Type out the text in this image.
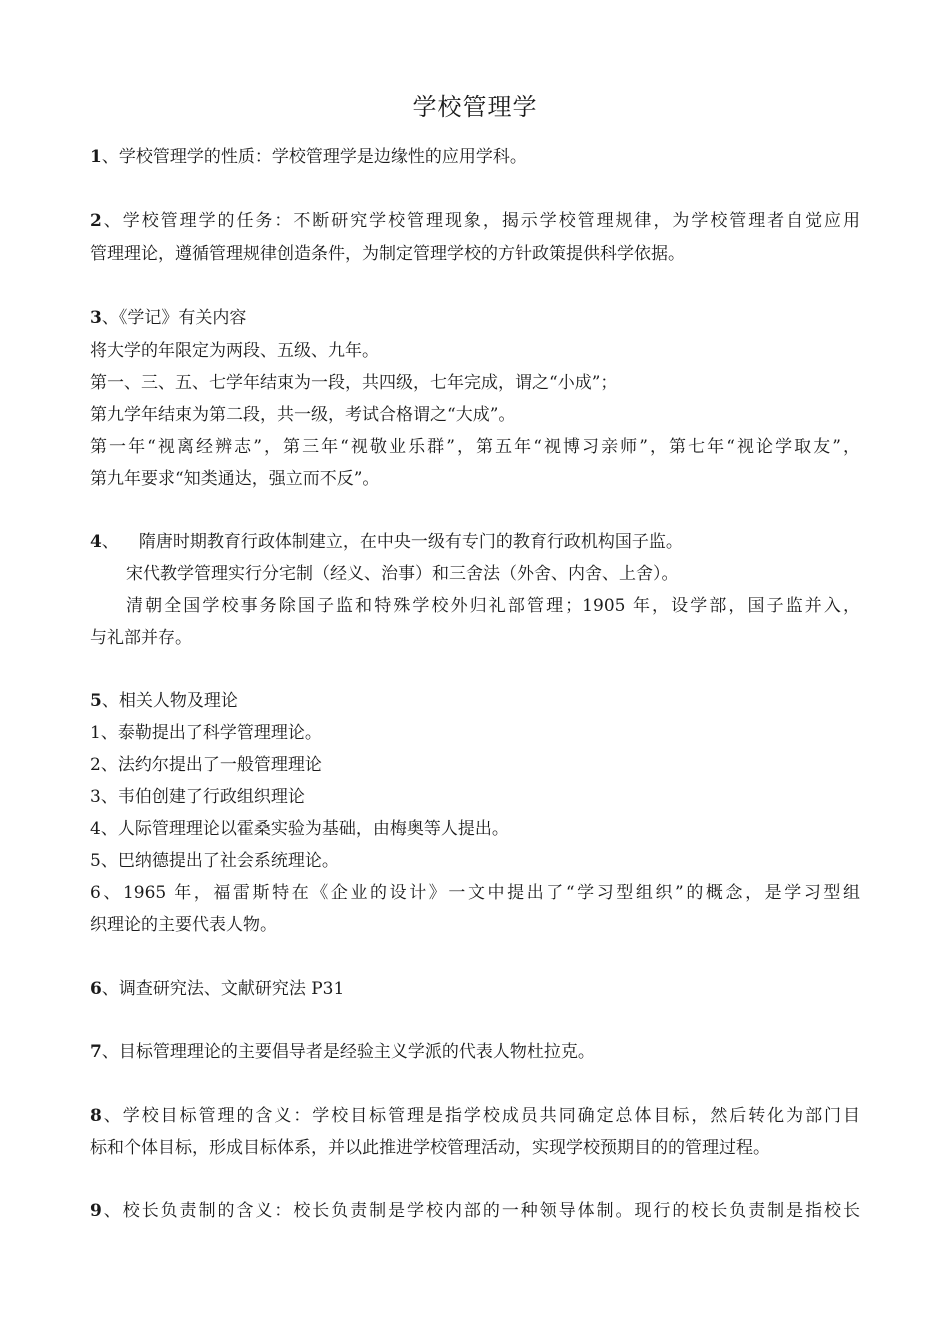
学校管理学
1、学校管理学的性质：学校管理学是边缘性的应用学科。
2、学校管理学的任务：不断研究学校管理现象，揭示学校管理规律，为学校管理者自觉应用
管理理论，遵循管理规律创造条件，为制定管理学校的方针政策提供科学依据。
3、《学记》有关内容
将大学的年限定为两段、五级、九年。
第一、三、五、七学年结束为一段，共四级，七年完成，谓之“小成”；
第九学年结束为第二段，共一级，考试合格谓之“大成”。
第一年“视离经辨志”，第三年“视敬业乐群”，第五年“视博习亲师”，第七年“视论学取友”，
第九年要求“知类通达，强立而不反”。
4、 隋唐时期教育行政体制建立，在中央一级有专门的教育行政机构国子监。
宋代教学管理实行分宅制（经义、治事）和三舍法（外舍、内舍、上舍）。
清朝全国学校事务除国子监和特殊学校外归礼部管理；1905 年，设学部，国子监并入，
与礼部并存。
5、相关人物及理论
1、泰勒提出了科学管理理论。
2、法约尔提出了一般管理理论
3、韦伯创建了行政组织理论
4、人际管理理论以霍桑实验为基础，由梅奥等人提出。
5、巴纳德提出了社会系统理论。
6、1965 年，福雷斯特在《企业的设计》一文中提出了“学习型组织”的概念，是学习型组
织理论的主要代表人物。
6、调查研究法、文献研究法 P31
7、目标管理理论的主要倡导者是经验主义学派的代表人物杜拉克。
8、学校目标管理的含义：学校目标管理是指学校成员共同确定总体目标，然后转化为部门目
标和个体目标，形成目标体系，并以此推进学校管理活动，实现学校预期目的的管理过程。
9、校长负责制的含义：校长负责制是学校内部的一种领导体制。现行的校长负责制是指校长
